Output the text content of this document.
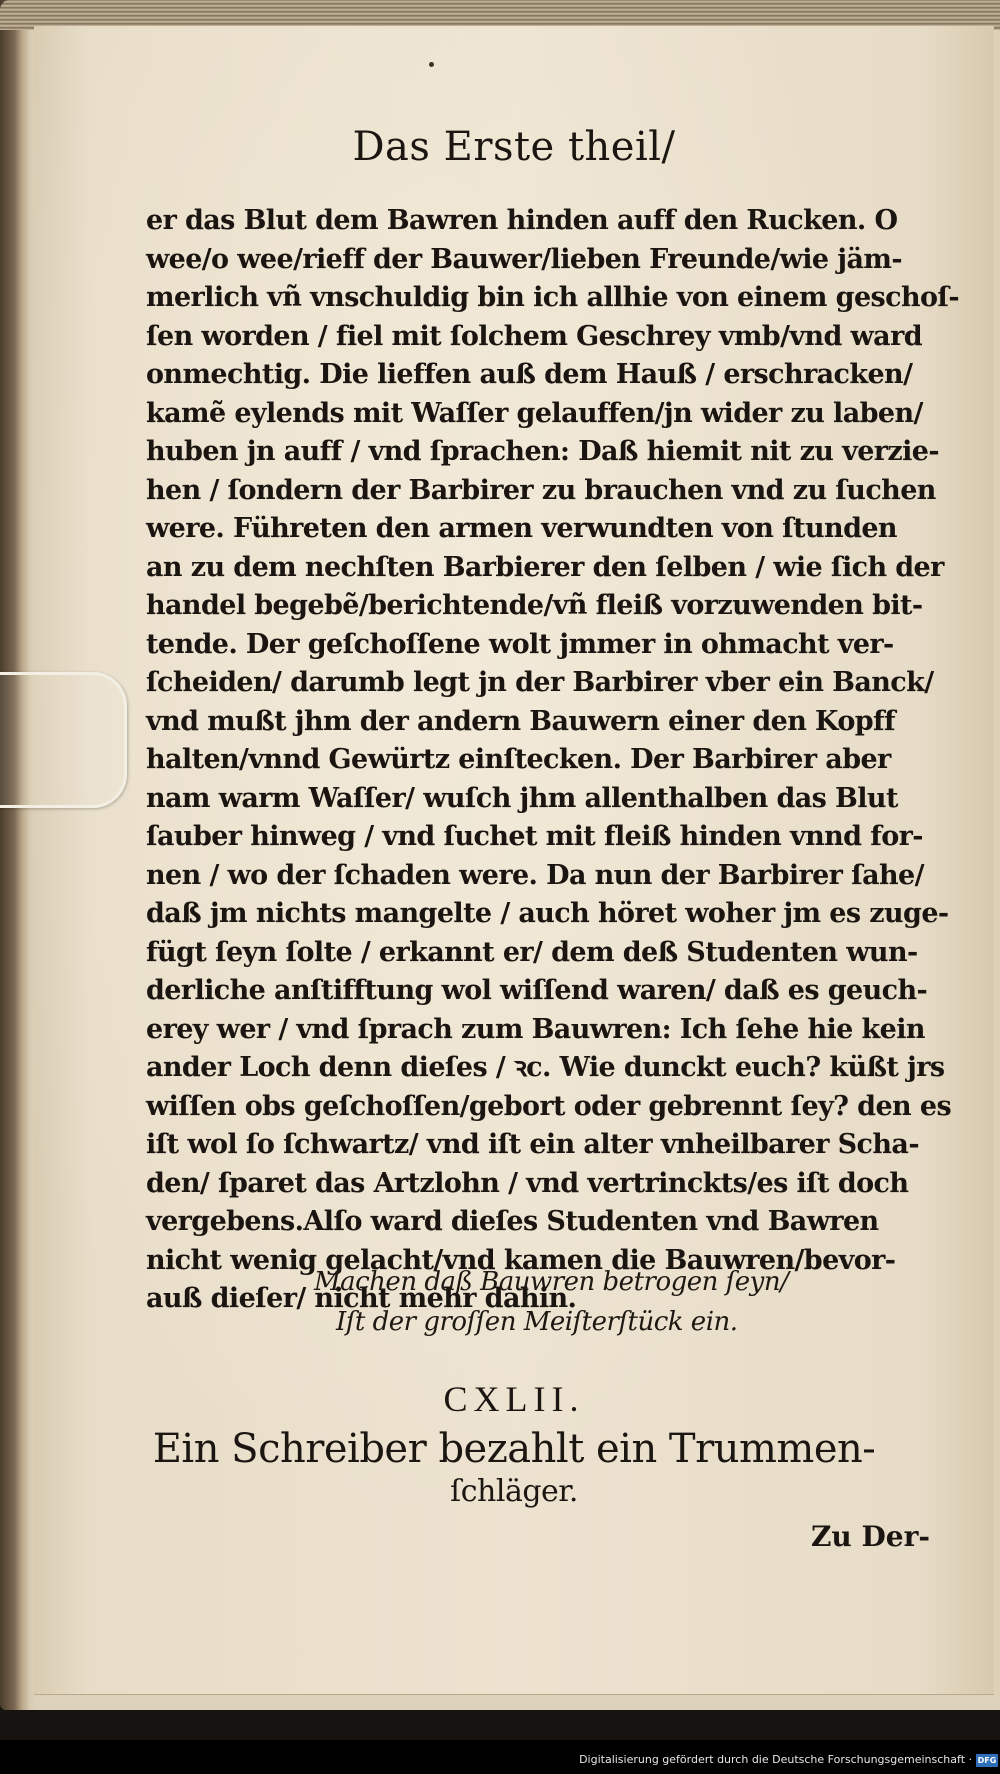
Das Erste theil/
er das Blut dem Bawren hinden auff den Rucken. O
wee/o wee/rieff der Bauwer/lieben Freunde/wie jäm-
merlich vñ vnschuldig bin ich allhie von einem geschoſ-
ſen worden / fiel mit ſolchem Geschrey vmb/vnd ward
onmechtig. Die lieffen auß dem Hauß / erschracken/
kamẽ eylends mit Waſſer gelauffen/jn wider zu laben/
huben jn auff / vnd ſprachen: Daß hiemit nit zu verzie-
hen / ſondern der Barbirer zu brauchen vnd zu ſuchen
were. Führeten den armen verwundten von ſtunden
an zu dem nechſten Barbierer den ſelben / wie ſich der
handel begebẽ/berichtende/vñ fleiß vorzuwenden bit-
tende. Der geſchoſſene wolt jmmer in ohmacht ver-
ſcheiden/ darumb legt jn der Barbirer vber ein Banck/
vnd mußt jhm der andern Bauwern einer den Kopff
halten/vnnd Gewürtz einſtecken. Der Barbirer aber
nam warm Waſſer/ wuſch jhm allenthalben das Blut
ſauber hinweg / vnd ſuchet mit fleiß hinden vnnd for-
nen / wo der ſchaden were. Da nun der Barbirer ſahe/
daß jm nichts mangelte / auch höret woher jm es zuge-
fügt ſeyn ſolte / erkannt er/ dem deß Studenten wun-
derliche anſtifftung wol wiſſend waren/ daß es geuch-
erey wer / vnd ſprach zum Bauwren: Ich ſehe hie kein
ander Loch denn dieſes / ꝛc. Wie dunckt euch? küßt jrs
wiſſen obs geſchoſſen/gebort oder gebrennt ſey? den es
iſt wol ſo ſchwartz/ vnd iſt ein alter vnheilbarer Scha-
den/ ſparet das Artzlohn / vnd vertrinckts/es iſt doch
vergebens.Alſo ward dieſes Studenten vnd Bawren
nicht wenig gelacht/vnd kamen die Bauwren/bevor-
auß dieſer/ nicht mehr dahin.
Machen daß Bauwren betrogen ſeyn/
Iſt der groſſen Meiſterſtück ein.
CXLII.
Ein Schreiber bezahlt ein Trummen-
ſchläger.
Zu Der-
Digitalisierung gefördert durch die Deutsche Forschungsgemeinschaft · DFG
